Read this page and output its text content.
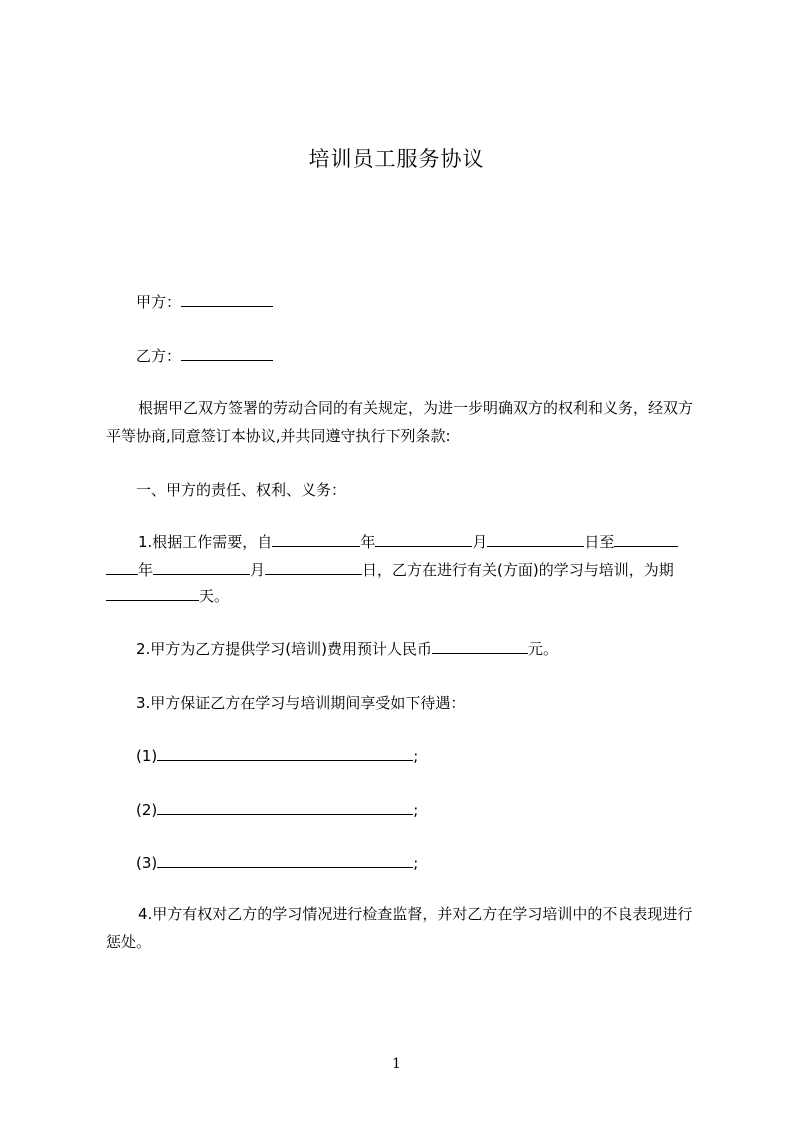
培训员工服务协议
甲方：
乙方：
根据甲乙双方签署的劳动合同的有关规定，为进一步明确双方的权利和义务，经双方平等协商,同意签订本协议,并共同遵守执行下列条款:
一、甲方的责任、权利、义务：
1.根据工作需要，自	年	月	日至
年	月	日，乙方在进行有关(方面)的学习与培训，为期
天。
2.甲方为乙方提供学习(培训)费用预计人民币	元。
3.甲方保证乙方在学习与培训期间享受如下待遇：
(1)	;
(2)	;
(3)	;
4.甲方有权对乙方的学习情况进行检查监督，并对乙方在学习培训中的不良表现进行惩处。
1
